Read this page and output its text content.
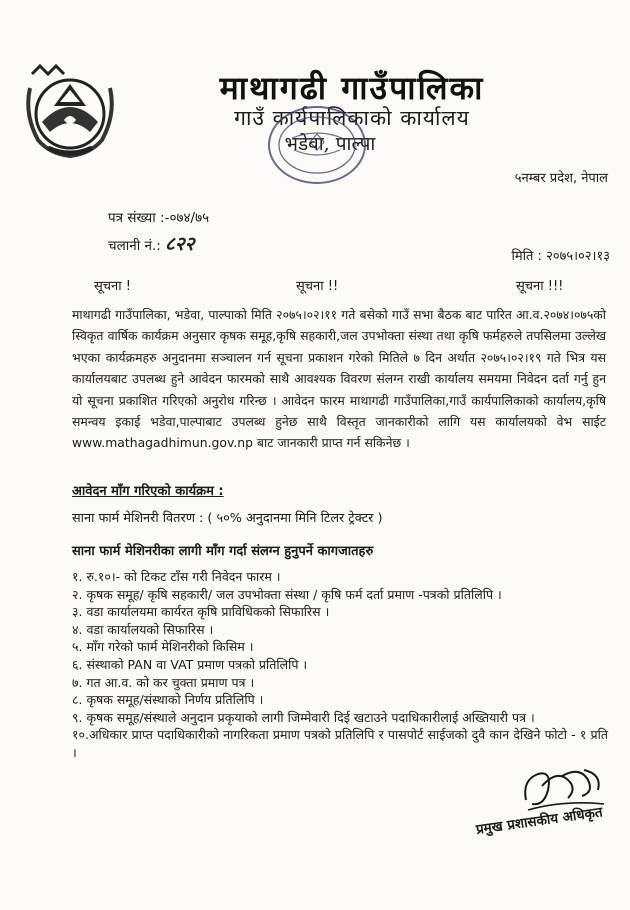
माथागढी गाउँपालिका
गाउँ कार्यपालिकाको कार्यालय
भडेवा, पाल्पा
५नम्बर प्रदेश, नेपाल
पत्र संख्या :-०७४/७५
चलानी नं.: ८२२
मिति : २०७५।०२।१३
सूचना !	सूचना !!	सूचना !!!
माथागढी गाउँपालिका, भडेवा, पाल्पाको मिति २०७५।०२।११ गते बसेको गाउँ सभा बैठक बाट पारित आ.व.२०७४।०७५को स्विकृत वार्षिक कार्यक्रम अनुसार कृषक समूह,कृषि सहकारी,जल उपभोक्ता संस्था तथा कृषि फर्महरुले तपसिलमा उल्लेख भएका कार्यक्रमहरु अनुदानमा सञ्चालन गर्न सूचना प्रकाशन गरेको मितिले ७ दिन अर्थात २०७५।०२।१९ गते भित्र यस कार्यालयबाट उपलब्ध हुने आवेदन फारमको साथै आवश्यक विवरण संलग्न राखी कार्यालय समयमा निवेदन दर्ता गर्नु हुन यो सूचना प्रकाशित गरिएको अनुरोध गरिन्छ । आवेदन फारम माथागढी गाउँपालिका,गाउँ कार्यपालिकाको कार्यालय,कृषि समन्वय इकाई भडेवा,पाल्पाबाट उपलब्ध हुनेछ साथै विस्तृत जानकारीको लागि यस कार्यालयको वेभ साईट www.mathagadhimun.gov.np बाट जानकारी प्राप्त गर्न सकिनेछ ।
आवेदन माँग गरिएको कार्यक्रम :
साना फार्म मेशिनरी वितरण : ( ५०% अनुदानमा मिनि टिलर ट्रेक्टर )
साना फार्म मेशिनरीका लागी माँग गर्दा संलग्न हुनुपर्ने कागजातहरु
१. रु.१०।- को टिकट टाँस गरी निवेदन फारम ।
२. कृषक समूह/ कृषि सहकारी/ जल उपभोक्ता संस्था / कृषि फर्म दर्ता प्रमाण -पत्रको प्रतिलिपि ।
३. वडा कार्यालयमा कार्यरत कृषि प्राविधिकको सिफारिस ।
४. वडा कार्यालयको सिफारिस ।
५. माँग गरेको फार्म मेशिनरीको किसिम ।
६. संस्थाको PAN वा VAT प्रमाण पत्रको प्रतिलिपि ।
७. गत आ.व. को कर चुक्ता प्रमाण पत्र ।
८. कृषक समूह/संस्थाको निर्णय प्रतिलिपि ।
९. कृषक समूह/संस्थाले अनुदान प्रकृयाको लागी जिम्मेवारी दिई खटाउने पदाधिकारीलाई अख्तियारी पत्र ।
१०.अधिकार प्राप्त पदाधिकारीको नागरिकता प्रमाण पत्रको प्रतिलिपि र पासपोर्ट साईजको दुवै कान देखिने फोटो - १ प्रति ।
प्रमुख प्रशासकीय अधिकृत
